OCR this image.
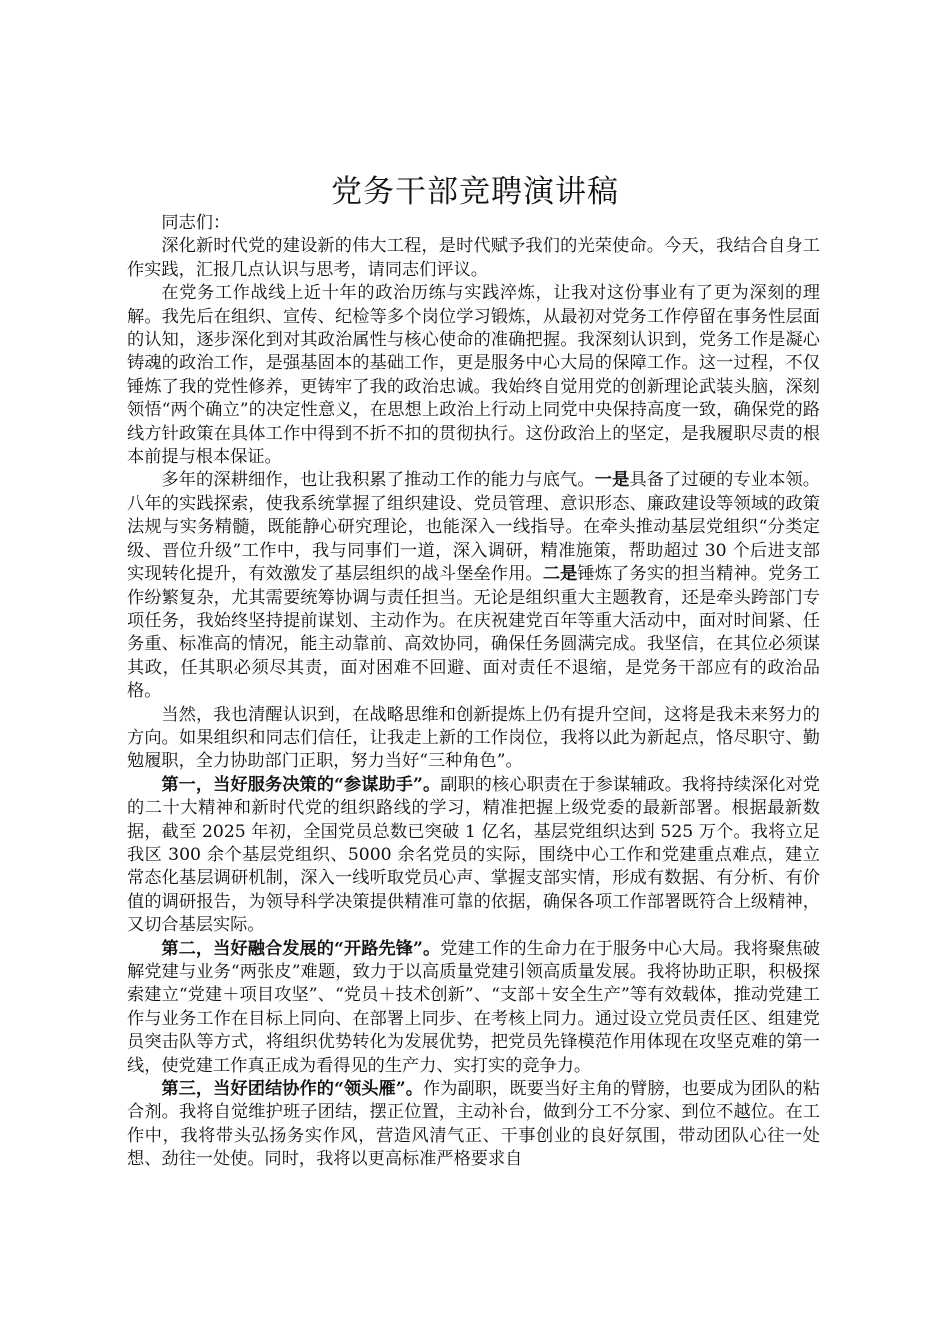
党务干部竞聘演讲稿

同志们：

深化新时代党的建设新的伟大工程，是时代赋予我们的光荣使命。今天，我结合自身工作实践，汇报几点认识与思考，请同志们评议。

在党务工作战线上近十年的政治历练与实践淬炼，让我对这份事业有了更为深刻的理解。我先后在组织、宣传、纪检等多个岗位学习锻炼，从最初对党务工作停留在事务性层面的认知，逐步深化到对其政治属性与核心使命的准确把握。我深刻认识到，党务工作是凝心铸魂的政治工作，是强基固本的基础工作，更是服务中心大局的保障工作。这一过程，不仅锤炼了我的党性修养，更铸牢了我的政治忠诚。我始终自觉用党的创新理论武装头脑，深刻领悟“两个确立”的决定性意义，在思想上政治上行动上同党中央保持高度一致，确保党的路线方针政策在具体工作中得到不折不扣的贯彻执行。这份政治上的坚定，是我履职尽责的根本前提与根本保证。

多年的深耕细作，也让我积累了推动工作的能力与底气。一是具备了过硬的专业本领。八年的实践探索，使我系统掌握了组织建设、党员管理、意识形态、廉政建设等领域的政策法规与实务精髓，既能静心研究理论，也能深入一线指导。在牵头推动基层党组织“分类定级、晋位升级”工作中，我与同事们一道，深入调研，精准施策，帮助超过 30 个后进支部实现转化提升，有效激发了基层组织的战斗堡垒作用。二是锤炼了务实的担当精神。党务工作纷繁复杂，尤其需要统筹协调与责任担当。无论是组织重大主题教育，还是牵头跨部门专项任务，我始终坚持提前谋划、主动作为。在庆祝建党百年等重大活动中，面对时间紧、任务重、标准高的情况，能主动靠前、高效协同，确保任务圆满完成。我坚信，在其位必须谋其政，任其职必须尽其责，面对困难不回避、面对责任不退缩，是党务干部应有的政治品格。

当然，我也清醒认识到，在战略思维和创新提炼上仍有提升空间，这将是我未来努力的方向。如果组织和同志们信任，让我走上新的工作岗位，我将以此为新起点，恪尽职守、勤勉履职，全力协助部门正职，努力当好“三种角色”。

第一，当好服务决策的“参谋助手”。副职的核心职责在于参谋辅政。我将持续深化对党的二十大精神和新时代党的组织路线的学习，精准把握上级党委的最新部署。根据最新数据，截至 2025 年初，全国党员总数已突破 1 亿名，基层党组织达到 525 万个。我将立足我区 300 余个基层党组织、5000 余名党员的实际，围绕中心工作和党建重点难点，建立常态化基层调研机制，深入一线听取党员心声、掌握支部实情，形成有数据、有分析、有价值的调研报告，为领导科学决策提供精准可靠的依据，确保各项工作部署既符合上级精神，又切合基层实际。

第二，当好融合发展的“开路先锋”。党建工作的生命力在于服务中心大局。我将聚焦破解党建与业务“两张皮”难题，致力于以高质量党建引领高质量发展。我将协助正职，积极探索建立“党建＋项目攻坚”、“党员＋技术创新”、“支部＋安全生产”等有效载体，推动党建工作与业务工作在目标上同向、在部署上同步、在考核上同力。通过设立党员责任区、组建党员突击队等方式，将组织优势转化为发展优势，把党员先锋模范作用体现在攻坚克难的第一线，使党建工作真正成为看得见的生产力、实打实的竞争力。

第三，当好团结协作的“领头雁”。作为副职，既要当好主角的臂膀，也要成为团队的粘合剂。我将自觉维护班子团结，摆正位置，主动补台，做到分工不分家、到位不越位。在工作中，我将带头弘扬务实作风，营造风清气正、干事创业的良好氛围，带动团队心往一处想、劲往一处使。同时，我将以更高标准严格要求自
